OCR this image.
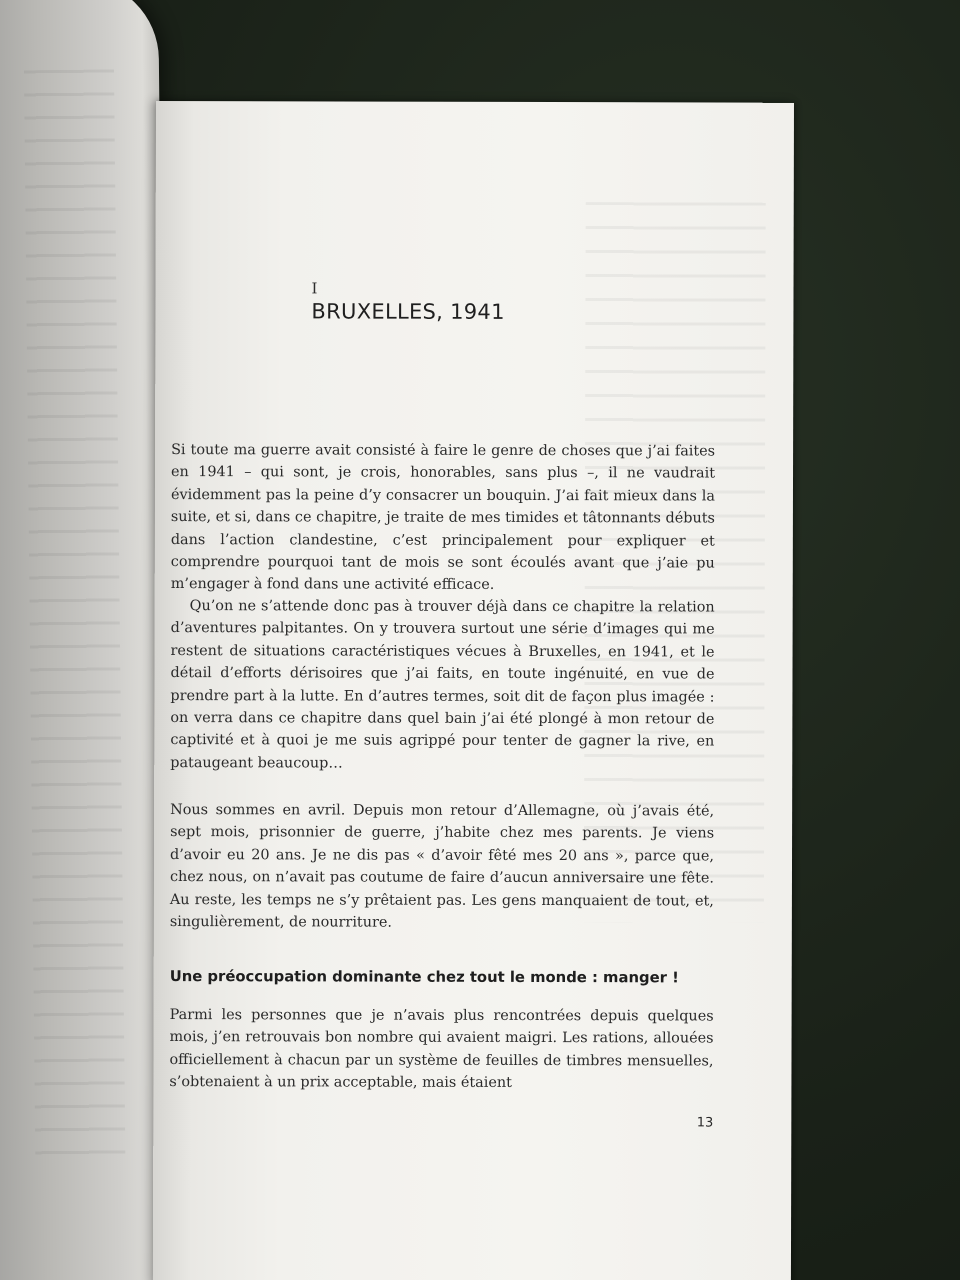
I
BRUXELLES, 1941

Si toute ma guerre avait consisté à faire le genre de choses que j’ai faites en 1941 – qui sont, je crois, honorables, sans plus –, il ne vaudrait évidemment pas la peine d’y consacrer un bouquin. J’ai fait mieux dans la suite, et si, dans ce chapitre, je traite de mes timides et tâtonnants débuts dans l’action clandestine, c’est principalement pour expliquer et comprendre pourquoi tant de mois se sont écoulés avant que j’aie pu m’engager à fond dans une activité efficace.

Qu’on ne s’attende donc pas à trouver déjà dans ce chapitre la relation d’aventures palpitantes. On y trouvera surtout une série d’images qui me restent de situations caractéristiques vécues à Bruxelles, en 1941, et le détail d’efforts dérisoires que j’ai faits, en toute ingénuité, en vue de prendre part à la lutte. En d’autres termes, soit dit de façon plus imagée : on verra dans ce chapitre dans quel bain j’ai été plongé à mon retour de captivité et à quoi je me suis agrippé pour tenter de gagner la rive, en pataugeant beaucoup…

Nous sommes en avril. Depuis mon retour d’Allemagne, où j’avais été, sept mois, prisonnier de guerre, j’habite chez mes parents. Je viens d’avoir eu 20 ans. Je ne dis pas « d’avoir fêté mes 20 ans », parce que, chez nous, on n’avait pas coutume de faire d’aucun anniversaire une fête. Au reste, les temps ne s’y prêtaient pas. Les gens manquaient de tout, et, singulièrement, de nourriture.

Une préoccupation dominante chez tout le monde : manger !

Parmi les personnes que je n’avais plus rencontrées depuis quelques mois, j’en retrouvais bon nombre qui avaient maigri. Les rations, allouées officiellement à chacun par un système de feuilles de timbres mensuelles, s’obtenaient à un prix acceptable, mais étaient

13
